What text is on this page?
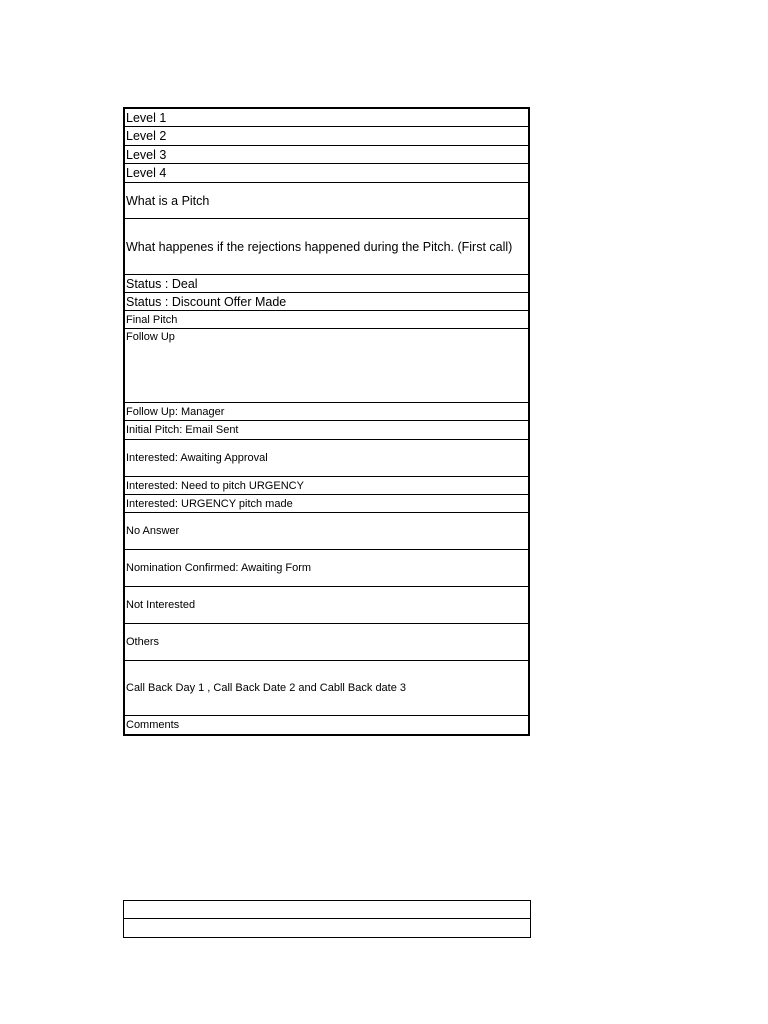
Level 1
Level 2
Level 3
Level 4
What is a Pitch
What happenes if the rejections happened during the Pitch. (First call)
Status : Deal
Status : Discount Offer Made
Final Pitch
Follow Up
Follow Up: Manager
Initial Pitch: Email Sent
Interested: Awaiting Approval
Interested: Need to pitch URGENCY
Interested: URGENCY pitch made
No Answer
Nomination Confirmed: Awaiting Form
Not Interested
Others
Call Back Day 1 , Call Back Date 2 and Cabll Back date 3
Comments
